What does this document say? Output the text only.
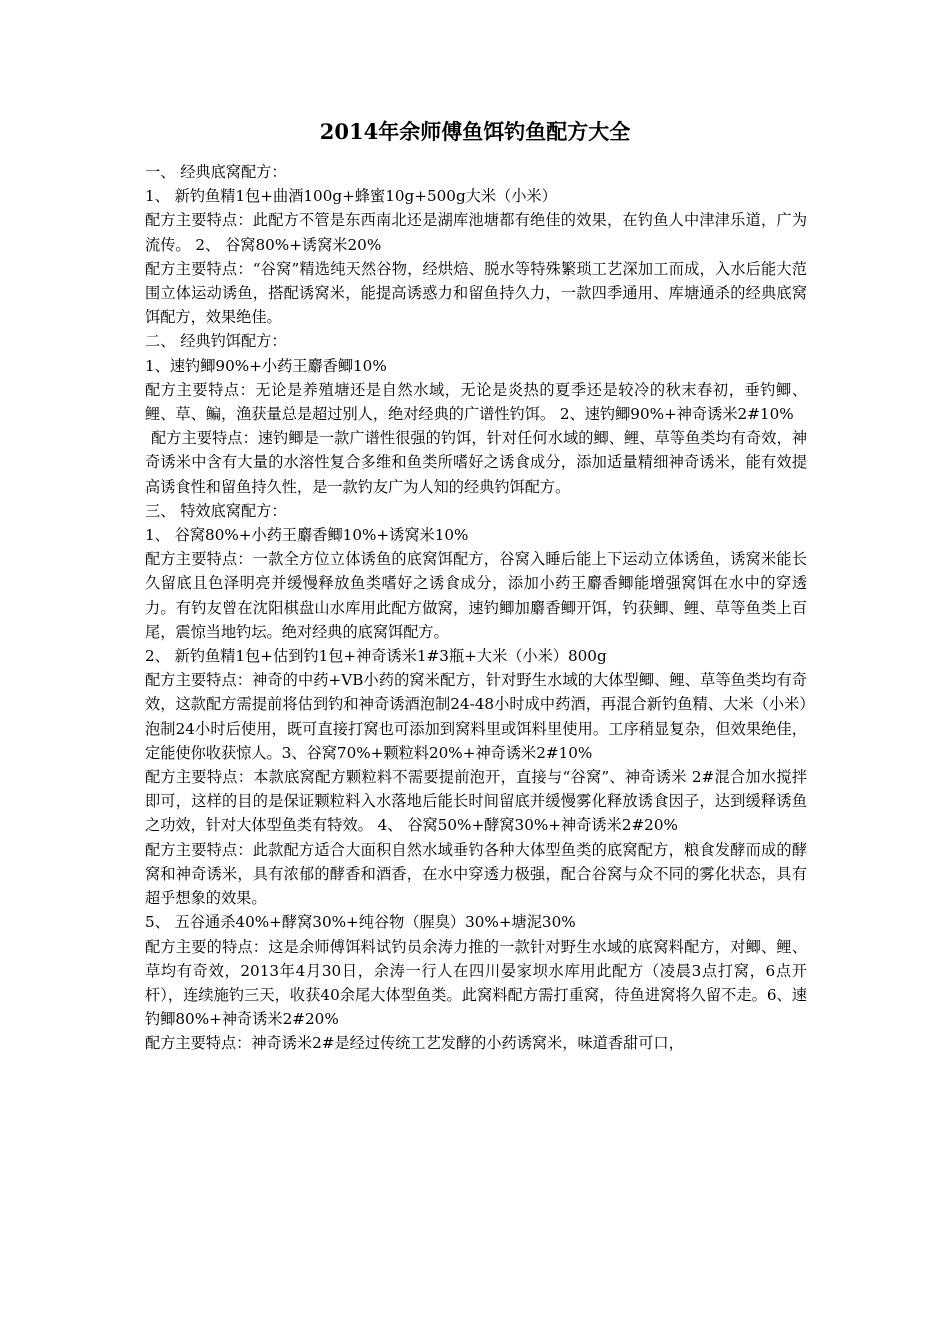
2014年余师傅鱼饵钓鱼配方大全

一、 经典底窝配方：

1、 新钓鱼精1包+曲酒100g+蜂蜜10g+500g大米（小米）

配方主要特点：此配方不管是东西南北还是湖库池塘都有绝佳的效果，在钓鱼人中津津乐道，广为流传。 2、 谷窝80%+诱窝米20%

配方主要特点：“谷窝”精选纯天然谷物，经烘焙、脱水等特殊繁琐工艺深加工而成，入水后能大范围立体运动诱鱼，搭配诱窝米，能提高诱惑力和留鱼持久力，一款四季通用、库塘通杀的经典底窝饵配方，效果绝佳。

二、 经典钓饵配方：

1、速钓鲫90%+小药王麝香鲫10%

配方主要特点：无论是养殖塘还是自然水域，无论是炎热的夏季还是较冷的秋末春初，垂钓鲫、鲤、草、鳊，渔获量总是超过别人，绝对经典的广谱性钓饵。 2、速钓鲫90%+神奇诱米2#10%

配方主要特点：速钓鲫是一款广谱性很强的钓饵，针对任何水域的鲫、鲤、草等鱼类均有奇效，神奇诱米中含有大量的水溶性复合多维和鱼类所嗜好之诱食成分，添加适量精细神奇诱米，能有效提高诱食性和留鱼持久性，是一款钓友广为人知的经典钓饵配方。

三、 特效底窝配方：

1、 谷窝80%+小药王麝香鲫10%+诱窝米10%

配方主要特点：一款全方位立体诱鱼的底窝饵配方，谷窝入睡后能上下运动立体诱鱼，诱窝米能长久留底且色泽明亮并缓慢释放鱼类嗜好之诱食成分，添加小药王麝香鲫能增强窝饵在水中的穿透力。有钓友曾在沈阳棋盘山水库用此配方做窝，速钓鲫加麝香鲫开饵，钓获鲫、鲤、草等鱼类上百尾，震惊当地钓坛。绝对经典的底窝饵配方。

2、 新钓鱼精1包+估到钓1包+神奇诱米1#3瓶+大米（小米）800g

配方主要特点：神奇的中药+VB小药的窝米配方，针对野生水域的大体型鲫、鲤、草等鱼类均有奇效，这款配方需提前将估到钓和神奇诱酒泡制24-48小时成中药酒，再混合新钓鱼精、大米（小米）泡制24小时后使用，既可直接打窝也可添加到窝料里或饵料里使用。工序稍显复杂，但效果绝佳，定能使你收获惊人。3、谷窝70%+颗粒料20%+神奇诱米2#10%

配方主要特点：本款底窝配方颗粒料不需要提前泡开，直接与“谷窝”、神奇诱米 2#混合加水搅拌即可，这样的目的是保证颗粒料入水落地后能长时间留底并缓慢雾化释放诱食因子，达到缓释诱鱼之功效，针对大体型鱼类有特效。 4、 谷窝50%+酵窝30%+神奇诱米2#20%

配方主要特点：此款配方适合大面积自然水域垂钓各种大体型鱼类的底窝配方，粮食发酵而成的酵窝和神奇诱米，具有浓郁的酵香和酒香，在水中穿透力极强，配合谷窝与众不同的雾化状态，具有超乎想象的效果。

5、 五谷通杀40%+酵窝30%+纯谷物（腥臭）30%+塘泥30%

配方主要的特点：这是余师傅饵料试钓员余涛力推的一款针对野生水域的底窝料配方，对鲫、鲤、草均有奇效，2013年4月30日，余涛一行人在四川晏家坝水库用此配方（凌晨3点打窝，6点开杆），连续施钓三天，收获40余尾大体型鱼类。此窝料配方需打重窝，待鱼进窝将久留不走。6、速钓鲫80%+神奇诱米2#20%

配方主要特点：神奇诱米2#是经过传统工艺发酵的小药诱窝米，味道香甜可口，
